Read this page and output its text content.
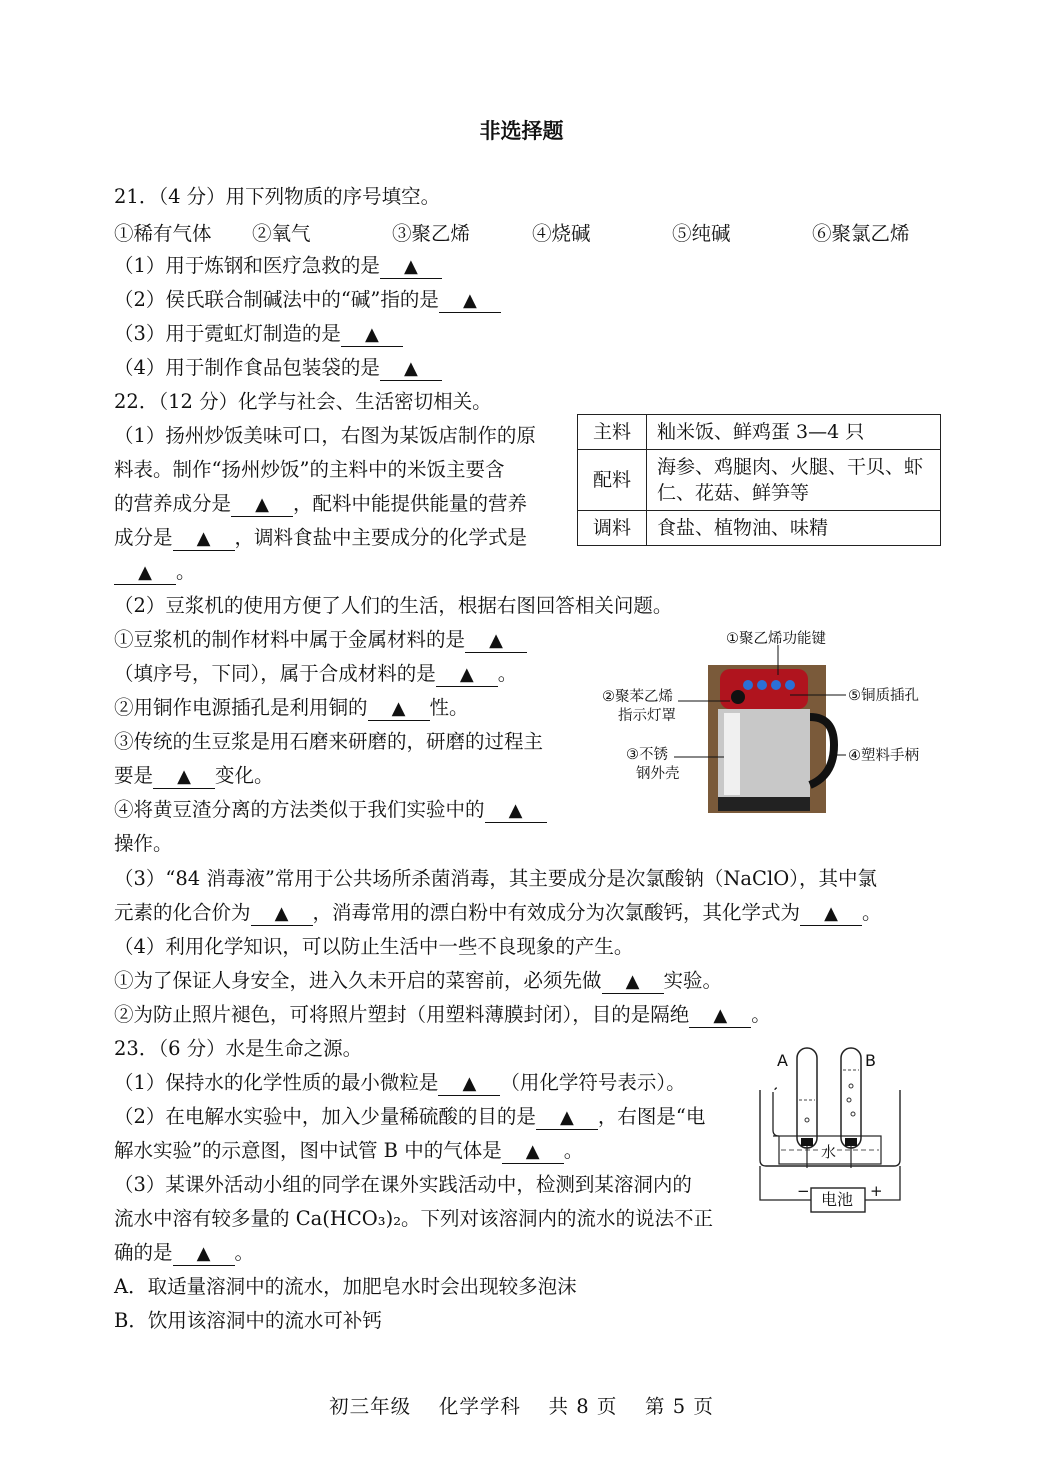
非选择题
21．（4 分）用下列物质的序号填空。
①稀有气体 ②氧气	③聚乙烯	④烧碱	⑤纯碱	⑥聚氯乙烯
（1）用于炼钢和医疗急救的是 ▲
（2）侯氏联合制碱法中的“碱”指的是 ▲
（3）用于霓虹灯制造的是 ▲
（4）用于制作食品包装袋的是 ▲
22．（12 分）化学与社会、生活密切相关。
（1）扬州炒饭美味可口，右图为某饭店制作的原
料表。制作“扬州炒饭”的主料中的米饭主要含
的营养成分是 ▲ ，配料中能提供能量的营养
成分是 ▲ ，调料食盐中主要成分的化学式是
▲ 。
主料	籼米饭、鲜鸡蛋 3—4 只
配料	海参、鸡腿肉、火腿、干贝、虾仁、花菇、鲜笋等
调料	食盐、植物油、味精
（2）豆浆机的使用方便了人们的生活，根据右图回答相关问题。
①豆浆机的制作材料中属于金属材料的是 ▲
（填序号，下同），属于合成材料的是 ▲ 。
②用铜作电源插孔是利用铜的 ▲ 性。
③传统的生豆浆是用石磨来研磨的，研磨的过程主
要是 ▲ 变化。
④将黄豆渣分离的方法类似于我们实验中的 ▲
操作。
①聚乙烯功能键
②聚苯乙烯
指示灯罩
③不锈
钢外壳
④塑料手柄
⑤铜质插孔
（3）“84 消毒液”常用于公共场所杀菌消毒，其主要成分是次氯酸钠（NaClO），其中氯
元素的化合价为 ▲ ，消毒常用的漂白粉中有效成分为次氯酸钙，其化学式为 ▲ 。
（4）利用化学知识，可以防止生活中一些不良现象的产生。
①为了保证人身安全，进入久未开启的菜窖前，必须先做 ▲ 实验。
②为防止照片褪色，可将照片塑封（用塑料薄膜封闭），目的是隔绝 ▲ 。
23．（6 分）水是生命之源。
（1）保持水的化学性质的最小微粒是 ▲ （用化学符号表示）。
（2）在电解水实验中，加入少量稀硫酸的目的是 ▲ ，右图是“电
解水实验”的示意图，图中试管 B 中的气体是 ▲ 。
（3）某课外活动小组的同学在课外实践活动中，检测到某溶洞内的
流水中溶有较多量的 Ca(HCO₃)₂。下列对该溶洞内的流水的说法不正
确的是 ▲ 。
A．取适量溶洞中的流水，加肥皂水时会出现较多泡沫
B．饮用该溶洞中的流水可补钙
A	B
水
电池
−	+
初三年级　 化学学科　 共 8 页　 第 5 页
